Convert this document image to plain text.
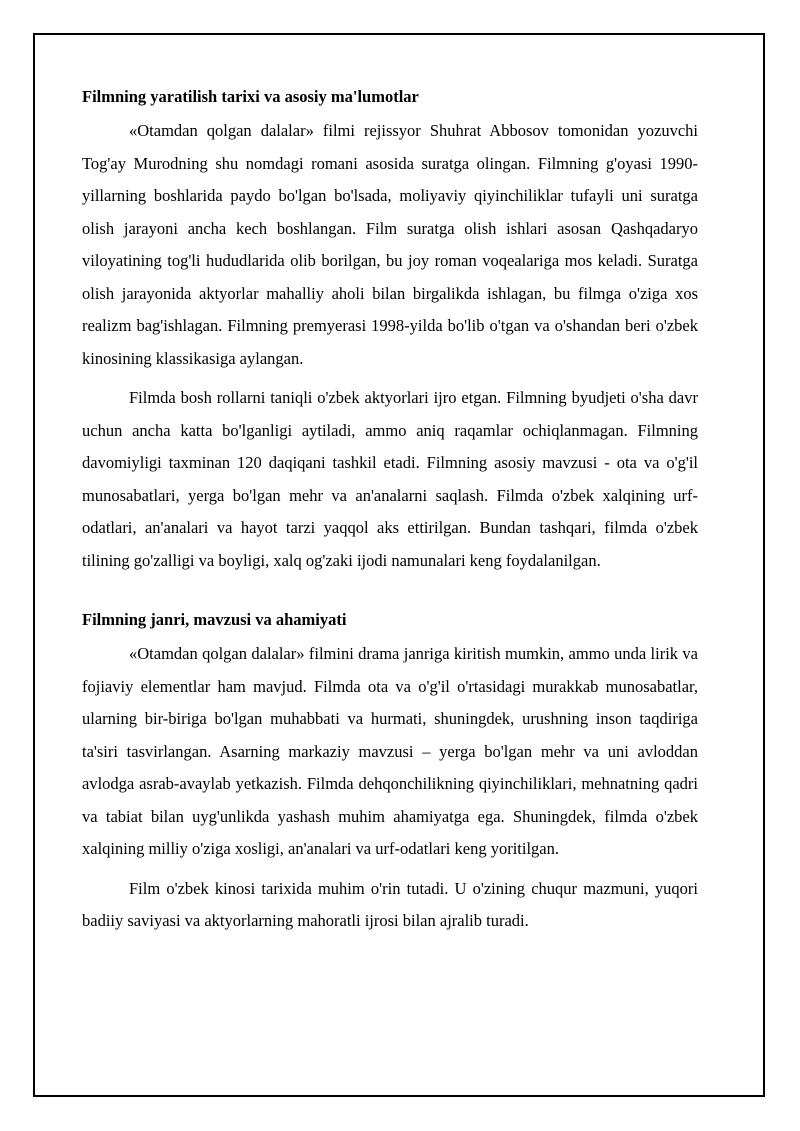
Filmning yaratilish tarixi va asosiy ma'lumotlar

«Otamdan qolgan dalalar» filmi rejissyor Shuhrat Abbosov tomonidan yozuvchi Tog'ay Murodning shu nomdagi romani asosida suratga olingan. Filmning g'oyasi 1990-yillarning boshlarida paydo bo'lgan bo'lsada, moliyaviy qiyinchiliklar tufayli uni suratga olish jarayoni ancha kech boshlangan. Film suratga olish ishlari asosan Qashqadaryo viloyatining tog'li hududlarida olib borilgan, bu joy roman voqealariga mos keladi. Suratga olish jarayonida aktyorlar mahalliy aholi bilan birgalikda ishlagan, bu filmga o'ziga xos realizm bag'ishlagan. Filmning premyerasi 1998-yilda bo'lib o'tgan va o'shandan beri o'zbek kinosining klassikasiga aylangan.

Filmda bosh rollarni taniqli o'zbek aktyorlari ijro etgan. Filmning byudjeti o'sha davr uchun ancha katta bo'lganligi aytiladi, ammo aniq raqamlar ochiqlanmagan. Filmning davomiyligi taxminan 120 daqiqani tashkil etadi. Filmning asosiy mavzusi - ota va o'g'il munosabatlari, yerga bo'lgan mehr va an'analarni saqlash. Filmda o'zbek xalqining urf-odatlari, an'analari va hayot tarzi yaqqol aks ettirilgan. Bundan tashqari, filmda o'zbek tilining go'zalligi va boyligi, xalq og'zaki ijodi namunalari keng foydalanilgan.

Filmning janri, mavzusi va ahamiyati

«Otamdan qolgan dalalar» filmini drama janriga kiritish mumkin, ammo unda lirik va fojiaviy elementlar ham mavjud. Filmda ota va o'g'il o'rtasidagi murakkab munosabatlar, ularning bir-biriga bo'lgan muhabbati va hurmati, shuningdek, urushning inson taqdiriga ta'siri tasvirlangan. Asarning markaziy mavzusi – yerga bo'lgan mehr va uni avloddan avlodga asrab-avaylab yetkazish. Filmda dehqonchilikning qiyinchiliklari, mehnatning qadri va tabiat bilan uyg'unlikda yashash muhim ahamiyatga ega. Shuningdek, filmda o'zbek xalqining milliy o'ziga xosligi, an'analari va urf-odatlari keng yoritilgan.

Film o'zbek kinosi tarixida muhim o'rin tutadi. U o'zining chuqur mazmuni, yuqori badiiy saviyasi va aktyorlarning mahoratli ijrosi bilan ajralib turadi.
